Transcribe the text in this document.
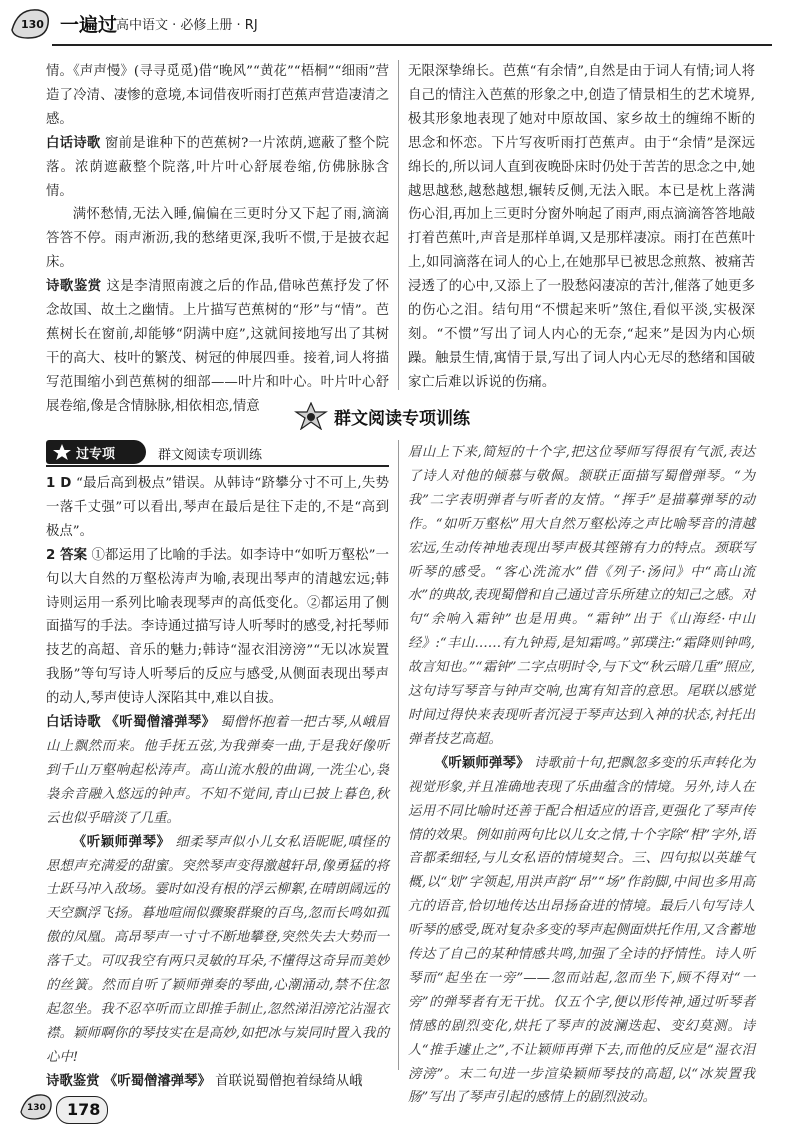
130 一遍过
高中语文 · 必修上册 · RJ

情。《声声慢》(寻寻觅觅)借“晚风”“黄花”“梧桐”“细雨”营造了冷清、凄惨的意境,本词借夜听雨打芭蕉声营造凄清之感。

白话诗歌 窗前是谁种下的芭蕉树?一片浓荫,遮蔽了整个院落。浓荫遮蔽整个院落,叶片叶心舒展卷缩,仿佛脉脉含情。

满怀愁情,无法入睡,偏偏在三更时分又下起了雨,滴滴答答不停。雨声淅沥,我的愁绪更深,我听不惯,于是披衣起床。

诗歌鉴赏 这是李清照南渡之后的作品,借咏芭蕉抒发了怀念故国、故土之幽情。上片描写芭蕉树的“形”与“情”。芭蕉树长在窗前,却能够“阴满中庭”,这就间接地写出了其树干的高大、枝叶的繁茂、树冠的伸展四垂。接着,词人将描写范围缩小到芭蕉树的细部——叶片和叶心。叶片叶心舒展卷缩,像是含情脉脉,相依相恋,情意

无限深挚绵长。芭蕉“有余情”,自然是由于词人有情;词人将自己的情注入芭蕉的形象之中,创造了情景相生的艺术境界,极其形象地表现了她对中原故国、家乡故土的缠绵不断的思念和怀恋。下片写夜听雨打芭蕉声。由于“余情”是深远绵长的,所以词人直到夜晚卧床时仍处于苦苦的思念之中,她越思越愁,越愁越想,辗转反侧,无法入眠。本已是枕上落满伤心泪,再加上三更时分窗外响起了雨声,雨点滴滴答答地敲打着芭蕉叶,声音是那样单调,又是那样凄凉。雨打在芭蕉叶上,如同滴落在词人的心上,在她那早已被思念煎熬、被痛苦浸透了的心中,又添上了一股愁闷凄凉的苦汁,催落了她更多的伤心之泪。结句用“不惯起来听”煞住,看似平淡,实极深刻。“不惯”写出了词人内心的无奈,“起来”是因为内心烦躁。触景生情,寓情于景,写出了词人内心无尽的愁绪和国破家亡后难以诉说的伤痛。

群文阅读专项训练
过专项	群文阅读专项训练

1 D “最后高到极点”错误。从韩诗“跻攀分寸不可上,失势一落千丈强”可以看出,琴声在最后是往下走的,不是“高到极点”。

2 答案 ①都运用了比喻的手法。如李诗中“如听万壑松”一句以大自然的万壑松涛声为喻,表现出琴声的清越宏远;韩诗则运用一系列比喻表现琴声的高低变化。②都运用了侧面描写的手法。李诗通过描写诗人听琴时的感受,衬托琴师技艺的高超、音乐的魅力;韩诗“湿衣泪滂滂”“无以冰炭置我肠”等句写诗人听琴后的反应与感受,从侧面表现出琴声的动人,琴声使诗人深陷其中,难以自拔。

白话诗歌 《听蜀僧濬弹琴》 蜀僧怀抱着一把古琴,从峨眉山上飘然而来。他手抚五弦,为我弹奏一曲,于是我好像听到千山万壑响起松涛声。高山流水般的曲调,一洗尘心,袅袅余音融入悠远的钟声。不知不觉间,青山已披上暮色,秋云也似乎暗淡了几重。

《听颖师弹琴》 细柔琴声似小儿女私语昵昵,嗔怪的思想声充满爱的甜蜜。突然琴声变得激越轩昂,像勇猛的将士跃马冲入敌场。霎时如没有根的浮云柳絮,在晴朗阔远的天空飘浮飞扬。暮地喧闹似骤聚群聚的百鸟,忽而长鸣如孤傲的凤凰。高昂琴声一寸寸不断地攀登,突然失去大势而一落千丈。可叹我空有两只灵敏的耳朵,不懂得这奇异而美妙的丝簧。然而自听了颖师弹奏的琴曲,心潮涌动,禁不住忽起忽坐。我不忍卒听而立即推手制止,忽然涕泪滂沱沾湿衣襟。颖师啊你的琴技实在是高妙,如把冰与炭同时置入我的心中!

诗歌鉴赏 《听蜀僧濬弹琴》 首联说蜀僧抱着绿绮从峨

眉山上下来,简短的十个字,把这位琴师写得很有气派,表达了诗人对他的倾慕与敬佩。颔联正面描写蜀僧弹琴。“为我”二字表明弹者与听者的友情。“挥手”是描摹弹琴的动作。“如听万壑松”用大自然万壑松涛之声比喻琴音的清越宏远,生动传神地表现出琴声极其铿锵有力的特点。颈联写听琴的感受。“客心洗流水”借《列子·汤问》中“高山流水”的典故,表现蜀僧和自己通过音乐所建立的知己之感。对句“余响入霜钟”也是用典。“霜钟”出于《山海经·中山经》:“丰山……有九钟焉,是知霜鸣。”郭璞注:“霜降则钟鸣,故言知也。”“霜钟”二字点明时令,与下文“秋云暗几重”照应,这句诗写琴音与钟声交响,也寓有知音的意思。尾联以感觉时间过得快来表现听者沉浸于琴声达到入神的状态,衬托出弹者技艺高超。

《听颖师弹琴》 诗歌前十句,把飘忽多变的乐声转化为视觉形象,并且准确地表现了乐曲蕴含的情境。另外,诗人在运用不同比喻时还善于配合相适应的语音,更强化了琴声传情的效果。例如前两句比以儿女之情,十个字除“相”字外,语音都柔细轻,与儿女私语的情境契合。三、四句拟以英雄气概,以“划”字领起,用洪声韵“昂”“场”作韵脚,中间也多用高亢的语音,恰切地传达出昂扬奋进的情境。最后八句写诗人听琴的感受,既对复杂多变的琴声起侧面烘托作用,又含蓄地传达了自己的某种情感共鸣,加强了全诗的抒情性。诗人听琴而“起坐在一旁”——忽而站起,忽而坐下,顾不得对“一旁”的弹琴者有无干扰。仅五个字,便以形传神,通过听琴者情感的剧烈变化,烘托了琴声的波澜迭起、变幻莫测。诗人“推手遽止之”,不让颖师再弹下去,而他的反应是“湿衣泪滂滂”。末二句进一步渲染颖师琴技的高超,以“冰炭置我肠”写出了琴声引起的感情上的剧烈波动。

130 178
